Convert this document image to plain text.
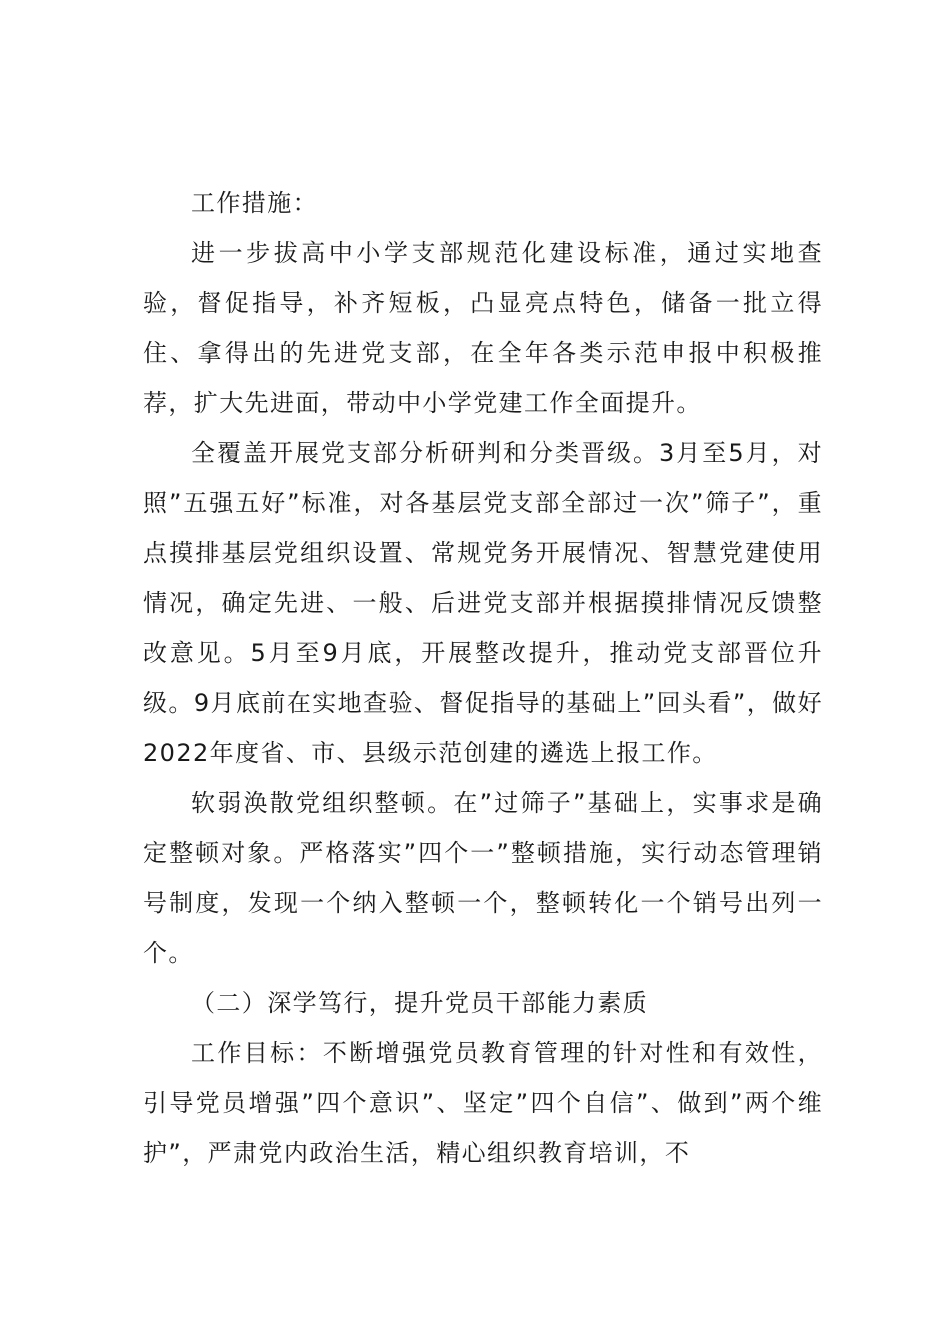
工作措施：

进一步拔高中小学支部规范化建设标准，通过实地查验，督促指导，补齐短板，凸显亮点特色，储备一批立得住、拿得出的先进党支部，在全年各类示范申报中积极推荐，扩大先进面，带动中小学党建工作全面提升。

全覆盖开展党支部分析研判和分类晋级。3月至5月，对照”五强五好”标准，对各基层党支部全部过一次”筛子”，重点摸排基层党组织设置、常规党务开展情况、智慧党建使用情况，确定先进、一般、后进党支部并根据摸排情况反馈整改意见。5月至9月底，开展整改提升，推动党支部晋位升级。9月底前在实地查验、督促指导的基础上”回头看”，做好2022年度省、市、县级示范创建的遴选上报工作。

软弱涣散党组织整顿。在”过筛子”基础上，实事求是确定整顿对象。严格落实”四个一”整顿措施，实行动态管理销号制度，发现一个纳入整顿一个，整顿转化一个销号出列一个。

（二）深学笃行，提升党员干部能力素质

工作目标：不断增强党员教育管理的针对性和有效性，引导党员增强”四个意识”、坚定”四个自信”、做到”两个维护”，严肃党内政治生活，精心组织教育培训，不
